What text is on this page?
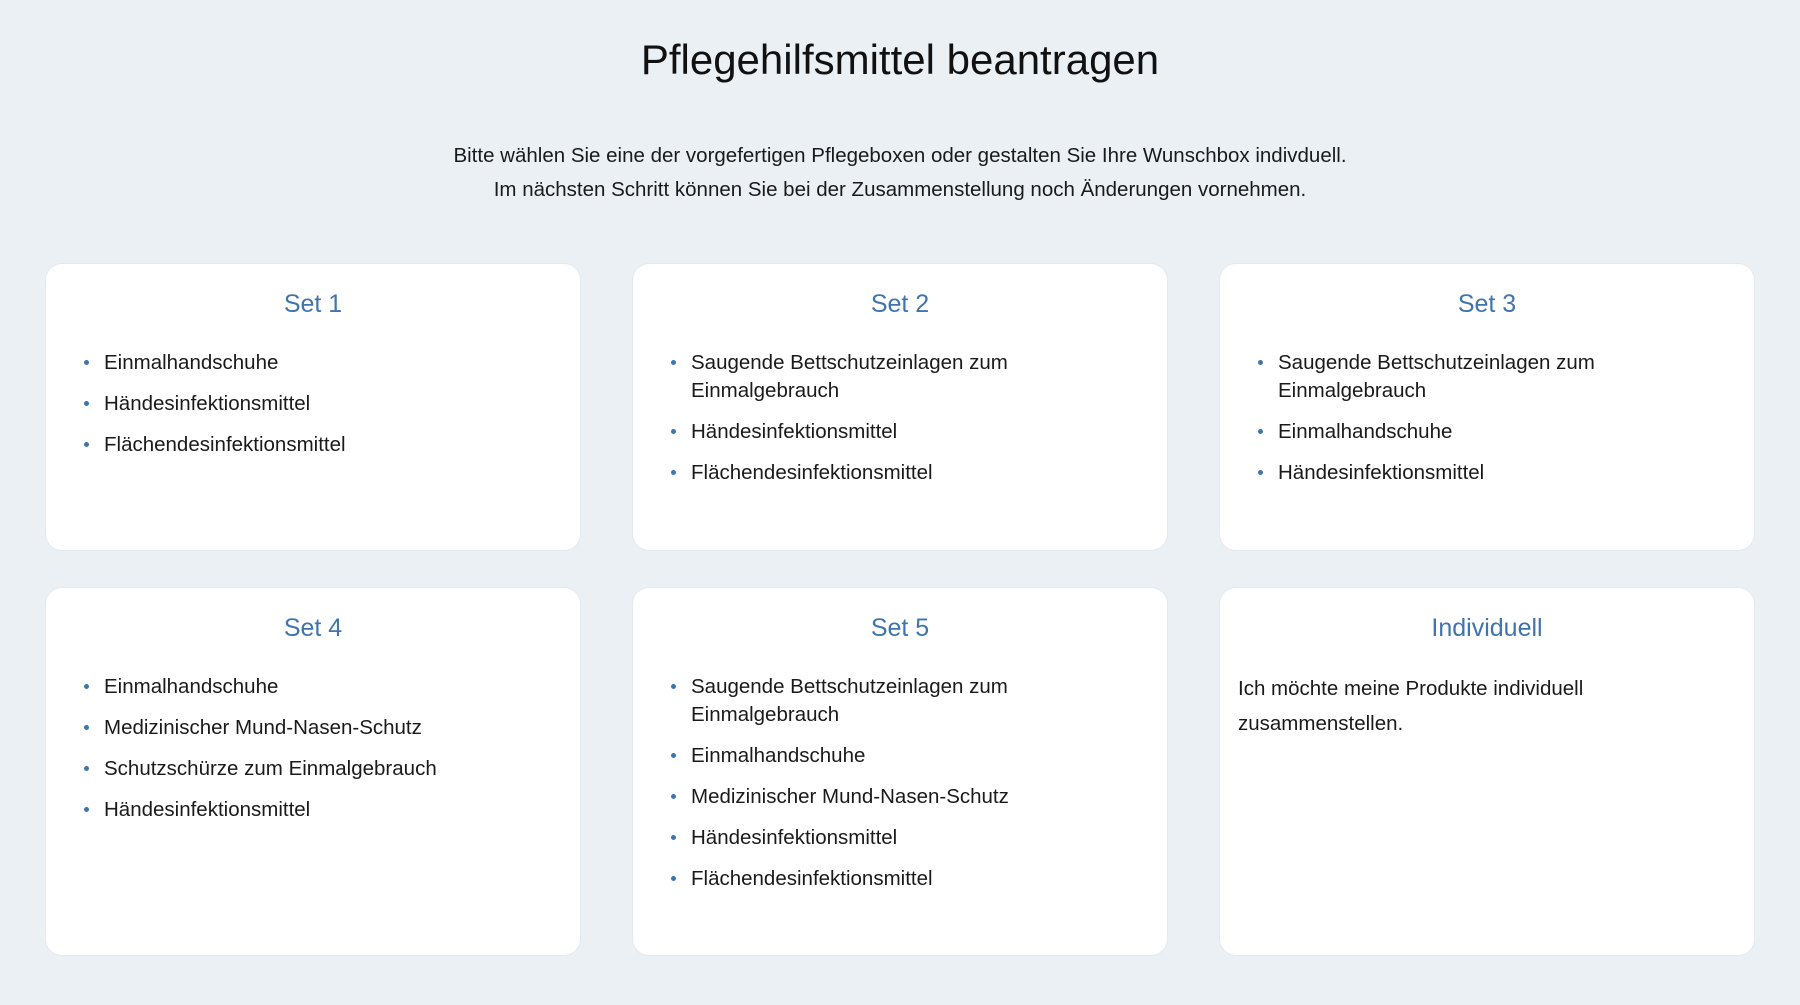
Pflegehilfsmittel beantragen

Bitte wählen Sie eine der vorgefertigen Pflegeboxen oder gestalten Sie Ihre Wunschbox indivduell.

Im nächsten Schritt können Sie bei der Zusammenstellung noch Änderungen vornehmen.

Set 1
Einmalhandschuhe
Händesinfektionsmittel
Flächendesinfektionsmittel
Set 2
Saugende Bettschutzeinlagen zum Einmalgebrauch
Händesinfektionsmittel
Flächendesinfektionsmittel
Set 3
Saugende Bettschutzeinlagen zum Einmalgebrauch
Einmalhandschuhe
Händesinfektionsmittel
Set 4
Einmalhandschuhe
Medizinischer Mund-Nasen-Schutz
Schutzschürze zum Einmalgebrauch
Händesinfektionsmittel
Set 5
Saugende Bettschutzeinlagen zum Einmalgebrauch
Einmalhandschuhe
Medizinischer Mund-Nasen-Schutz
Händesinfektionsmittel
Flächendesinfektionsmittel
Individuell

Ich möchte meine Produkte individuell zusammenstellen.
